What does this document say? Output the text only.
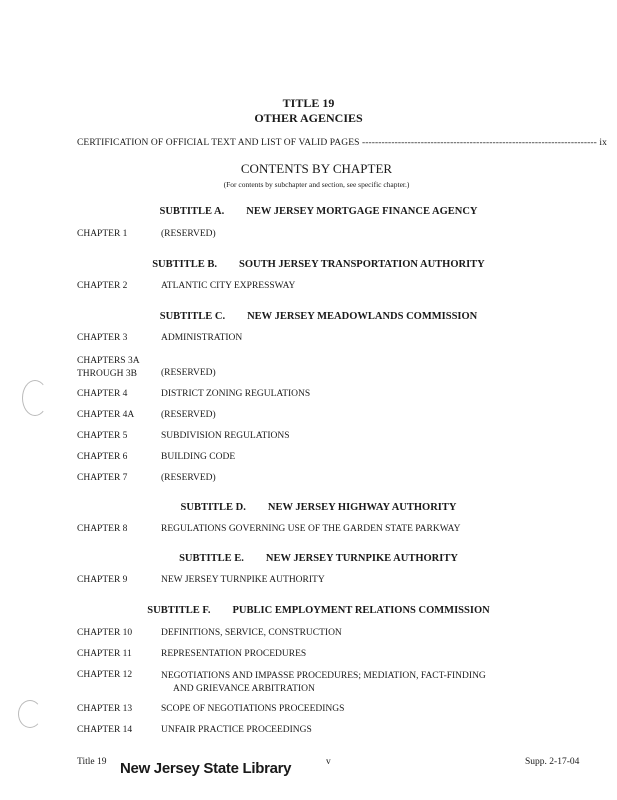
TITLE 19
OTHER AGENCIES
CERTIFICATION OF OFFICIAL TEXT AND LIST OF VALID PAGES ------------------------------------------------------------------------ ix
CONTENTS BY CHAPTER
(For contents by subchapter and section, see specific chapter.)
SUBTITLE A. NEW JERSEY MORTGAGE FINANCE AGENCY
CHAPTER 1	(RESERVED)
SUBTITLE B. SOUTH JERSEY TRANSPORTATION AUTHORITY
CHAPTER 2	ATLANTIC CITY EXPRESSWAY
SUBTITLE C. NEW JERSEY MEADOWLANDS COMMISSION
CHAPTER 3	ADMINISTRATION
CHAPTERS 3A
THROUGH 3B	(RESERVED)
CHAPTER 4	DISTRICT ZONING REGULATIONS
CHAPTER 4A	(RESERVED)
CHAPTER 5	SUBDIVISION REGULATIONS
CHAPTER 6	BUILDING CODE
CHAPTER 7	(RESERVED)
SUBTITLE D. NEW JERSEY HIGHWAY AUTHORITY
CHAPTER 8	REGULATIONS GOVERNING USE OF THE GARDEN STATE PARKWAY
SUBTITLE E. NEW JERSEY TURNPIKE AUTHORITY
CHAPTER 9	NEW JERSEY TURNPIKE AUTHORITY
SUBTITLE F. PUBLIC EMPLOYMENT RELATIONS COMMISSION
CHAPTER 10	DEFINITIONS, SERVICE, CONSTRUCTION
CHAPTER 11	REPRESENTATION PROCEDURES
CHAPTER 12	NEGOTIATIONS AND IMPASSE PROCEDURES; MEDIATION, FACT-FINDING
AND GRIEVANCE ARBITRATION
CHAPTER 13	SCOPE OF NEGOTIATIONS PROCEEDINGS
CHAPTER 14	UNFAIR PRACTICE PROCEEDINGS
Title 19 New Jersey State Library	v	Supp. 2-17-04
